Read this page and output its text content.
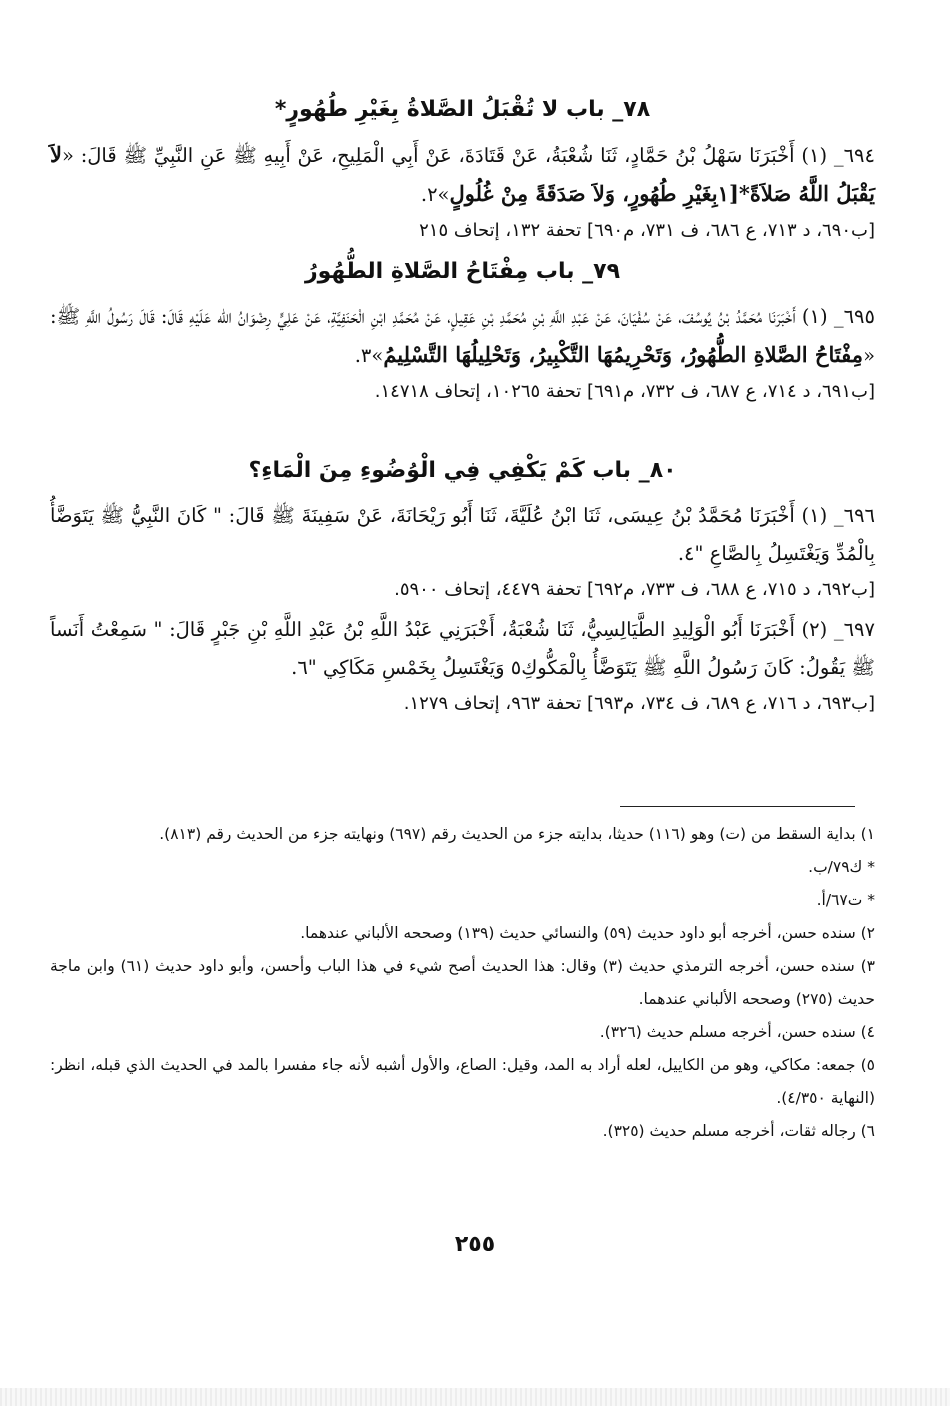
٧٨_ باب لا تُقْبَلُ الصَّلاةُ بِغَيْرِ طُهُورٍ*

٦٩٤_ (١) أَخْبَرَنَا سَهْلُ بْنُ حَمَّادٍ، ثَنَا شُعْبَةُ، عَنْ قَتَادَةَ، عَنْ أَبِي الْمَلِيحِ، عَنْ أَبِيهِ ﷺ عَنِ النَّبِيِّ ﷺ قَالَ: «لاَ يَقْبَلُ اللَّهُ صَلاَةً*[١بِغَيْرِ طُهُورٍ، وَلاَ صَدَقَةً مِنْ غُلُولٍ»٢.

[ب٦٩٠، د ٧١٣، ع ٦٨٦، ف ٧٣١، م٦٩٠] تحفة ١٣٢، إتحاف ٢١٥

٧٩_ باب مِفْتَاحُ الصَّلاةِ الطُّهُورُ

٦٩٥_ (١) أَخْبَرَنَا مُحَمَّدُ بْنُ يُوسُفَ، عَنْ سُفْيَانَ، عَنْ عَبْدِ اللَّهِ بْنِ مُحَمَّدِ بْنِ عَقِيلٍ، عَنْ مُحَمَّدِ ابْنِ الْحَنَفِيَّةِ، عَنْ عَلِيٍّ رِضْوَانُ الله عَلَيْهِ قَالَ: قَالَ رَسُولُ اللَّهِ ﷺ: «مِفْتَاحُ الصَّلاةِ الطُّهُورُ، وَتَحْرِيمُهَا التَّكْبِيرُ، وَتَحْلِيلُهَا التَّسْلِيمُ»٣.

[ب٦٩١، د ٧١٤، ع ٦٨٧، ف ٧٣٢، م٦٩١] تحفة ١٠٢٦٥، إتحاف ١٤٧١٨.

٨٠_ باب كَمْ يَكْفِي فِي الْوُضُوءِ مِنَ الْمَاءِ؟

٦٩٦_ (١) أَخْبَرَنَا مُحَمَّدُ بْنُ عِيسَى، ثَنَا ابْنُ عُلَيَّةَ، ثَنَا أَبُو رَيْحَانَةَ، عَنْ سَفِينَةَ ﷺ قَالَ: " كَانَ النَّبِيُّ ﷺ يَتَوَضَّأُ بِالْمُدِّ وَيَغْتَسِلُ بِالصَّاعِ "٤.

[ب٦٩٢، د ٧١٥، ع ٦٨٨، ف ٧٣٣، م٦٩٢] تحفة ٤٤٧٩، إتحاف ٥٩٠٠.

٦٩٧_ (٢) أَخْبَرَنَا أَبُو الْوَلِيدِ الطَّيَالِسِيُّ، ثَنَا شُعْبَةُ، أَخْبَرَنِي عَبْدُ اللَّهِ بْنُ عَبْدِ اللَّهِ بْنِ جَبْرٍ قَالَ: " سَمِعْتُ أَنَساً ﷺ يَقُولُ: كَانَ رَسُولُ اللَّهِ ﷺ يَتَوَضَّأُ بِالْمَكُّوكِ٥ وَيَغْتَسِلُ بِخَمْسِ مَكَاكِي "٦.

[ب٦٩٣، د ٧١٦، ع ٦٨٩، ف ٧٣٤، م٦٩٣] تحفة ٩٦٣، إتحاف ١٢٧٩.

١) بداية السقط من (ت) وهو (١١٦) حديثا، بدايته جزء من الحديث رقم (٦٩٧) ونهايته جزء من الحديث رقم (٨١٣).

* ك٧٩/ب.

* ت٦٧/أ.

٢) سنده حسن، أخرجه أبو داود حديث (٥٩) والنسائي حديث (١٣٩) وصححه الألباني عندهما.

٣) سنده حسن، أخرجه الترمذي حديث (٣) وقال: هذا الحديث أصح شيء في هذا الباب وأحسن، وأبو داود حديث (٦١) وابن ماجة حديث (٢٧٥) وصححه الألباني عندهما.

٤) سنده حسن، أخرجه مسلم حديث (٣٢٦).

٥) جمعه: مكاكي، وهو من الكاييل، لعله أراد به المد، وقيل: الصاع، والأول أشبه لأنه جاء مفسرا بالمد في الحديث الذي قبله، انظر: (النهاية ٤/٣٥٠).

٦) رجاله ثقات، أخرجه مسلم حديث (٣٢٥).

٢٥٥
